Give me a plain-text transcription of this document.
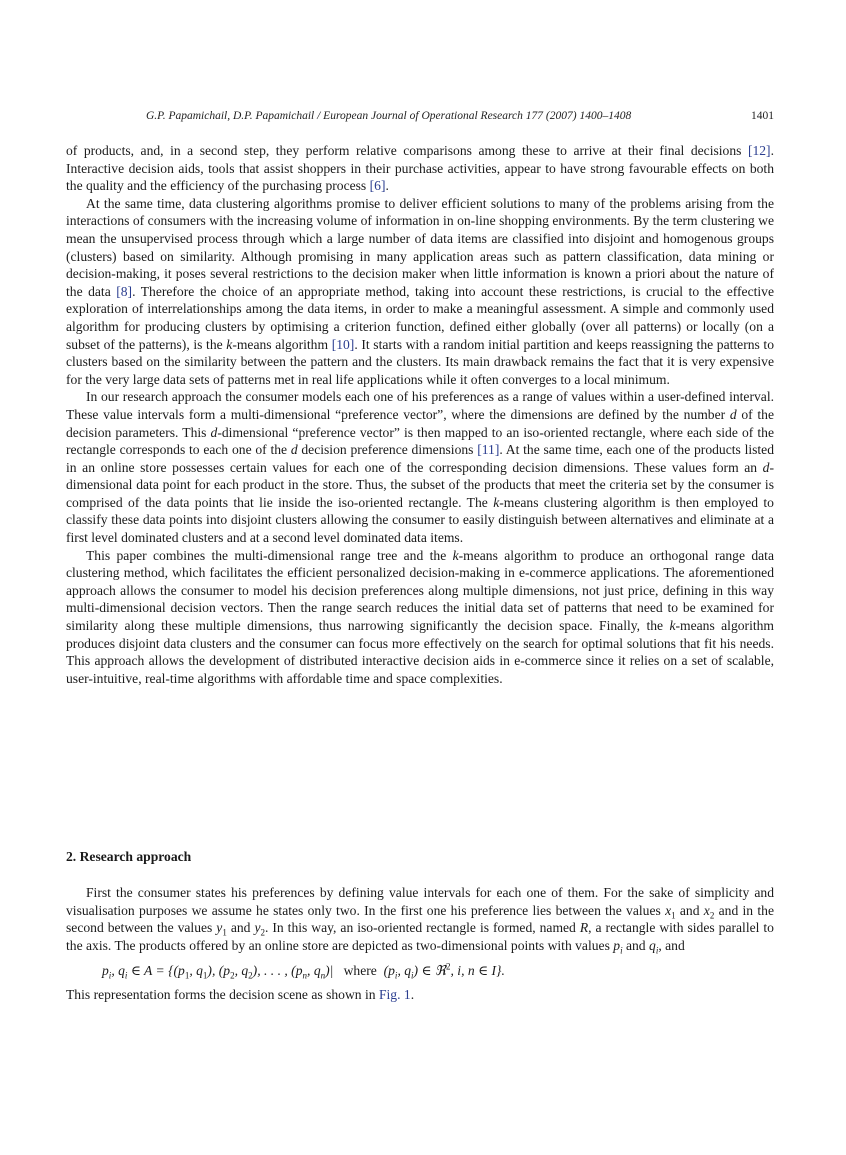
G.P. Papamichail, D.P. Papamichail / European Journal of Operational Research 177 (2007) 1400–1408	1401

of products, and, in a second step, they perform relative comparisons among these to arrive at their final decisions [12]. Interactive decision aids, tools that assist shoppers in their purchase activities, appear to have strong favourable effects on both the quality and the efficiency of the purchasing process [6].

At the same time, data clustering algorithms promise to deliver efficient solutions to many of the problems arising from the interactions of consumers with the increasing volume of information in on-line shopping environments. By the term clustering we mean the unsupervised process through which a large number of data items are classified into disjoint and homogenous groups (clusters) based on similarity. Although promising in many application areas such as pattern classification, data mining or decision-making, it poses several restrictions to the decision maker when little information is known a priori about the nature of the data [8]. Therefore the choice of an appropriate method, taking into account these restrictions, is crucial to the effective exploration of interrelationships among the data items, in order to make a meaningful assessment. A simple and commonly used algorithm for producing clusters by optimising a criterion function, defined either globally (over all patterns) or locally (on a subset of the patterns), is the k-means algorithm [10]. It starts with a random initial partition and keeps reassigning the patterns to clusters based on the similarity between the pattern and the clusters. Its main drawback remains the fact that it is very expensive for the very large data sets of patterns met in real life applications while it often converges to a local minimum.

In our research approach the consumer models each one of his preferences as a range of values within a user-defined interval. These value intervals form a multi-dimensional “preference vector”, where the dimensions are defined by the number d of the decision parameters. This d-dimensional “preference vector” is then mapped to an iso-oriented rectangle, where each side of the rectangle corresponds to each one of the d decision preference dimensions [11]. At the same time, each one of the products listed in an online store possesses certain values for each one of the corresponding decision dimensions. These values form an d-dimensional data point for each product in the store. Thus, the subset of the products that meet the criteria set by the consumer is comprised of the data points that lie inside the iso-oriented rectangle. The k-means clustering algorithm is then employed to classify these data points into disjoint clusters allowing the consumer to easily distinguish between alternatives and eliminate at a first level dominated clusters and at a second level dominated data items.

This paper combines the multi-dimensional range tree and the k-means algorithm to produce an orthogonal range data clustering method, which facilitates the efficient personalized decision-making in e-commerce applications. The aforementioned approach allows the consumer to model his decision preferences along multiple dimensions, not just price, defining in this way multi-dimensional decision vectors. Then the range search reduces the initial data set of patterns that need to be examined for similarity along these multiple dimensions, thus narrowing significantly the decision space. Finally, the k-means algorithm produces disjoint data clusters and the consumer can focus more effectively on the search for optimal solutions that fit his needs. This approach allows the development of distributed interactive decision aids in e-commerce since it relies on a set of scalable, user-intuitive, real-time algorithms with affordable time and space complexities.

2. Research approach

First the consumer states his preferences by defining value intervals for each one of them. For the sake of simplicity and visualisation purposes we assume he states only two. In the first one his preference lies between the values $x_1$ and $x_2$ and in the second between the values $y_1$ and $y_2$. In this way, an iso-oriented rectangle is formed, named R, a rectangle with sides parallel to the axis. The products offered by an online store are depicted as two-dimensional points with values $p_i$ and $q_i$, and

$p_i$, $q_i$ ∈ $A = \{(p_1$, $q_1$), ($p_2$, $q_2$), . . . , ($p_n$, $q_n)|$ where ($p_i$, $q_i$) ∈ ℜ$^2$, i, n ∈ I}.

This representation forms the decision scene as shown in Fig. 1.
